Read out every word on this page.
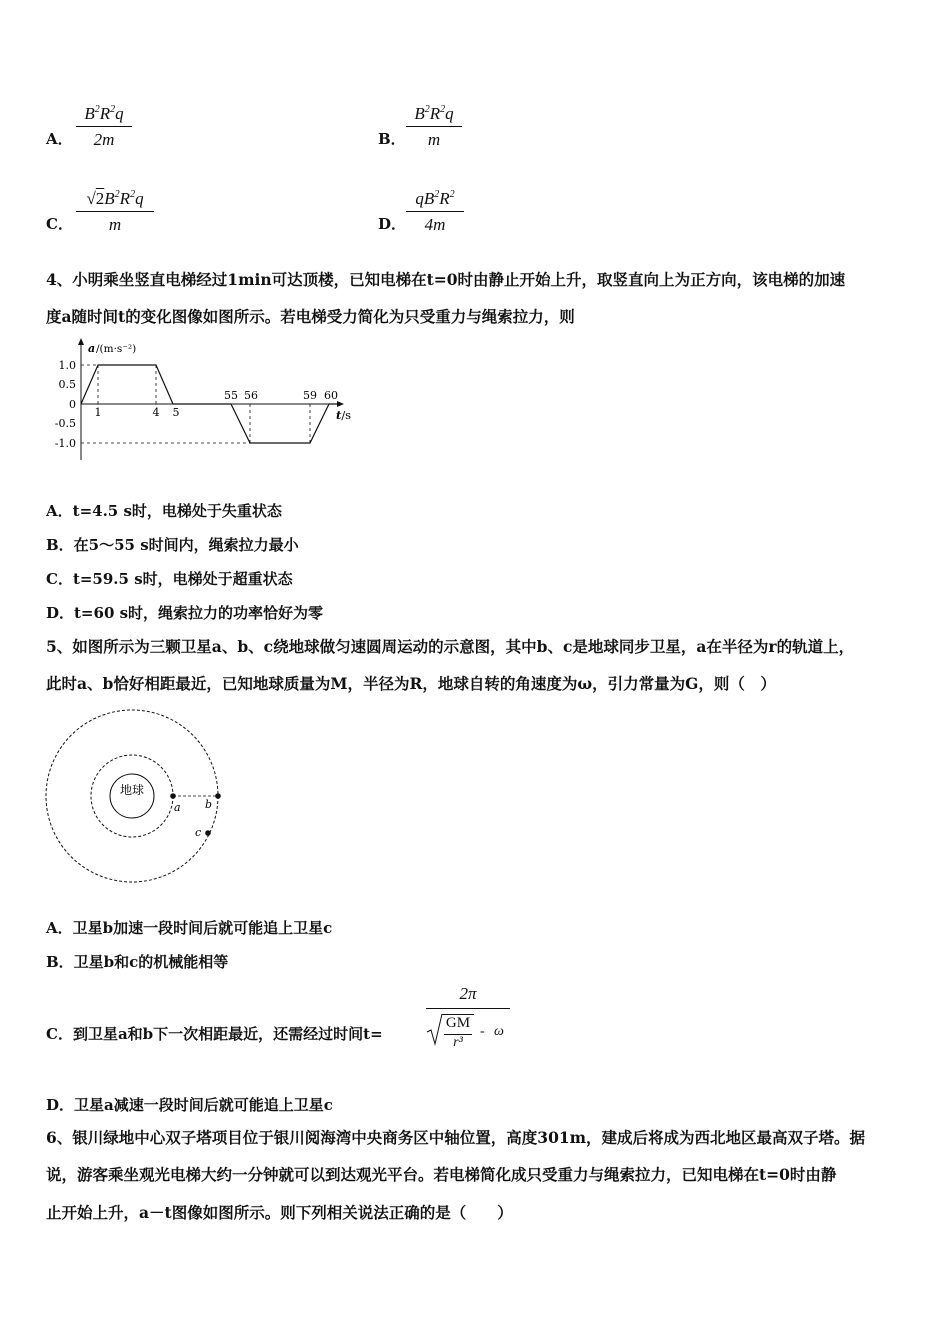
A． $\frac{B^2R^2q}{2m}$	B． $\frac{B^2R^2q}{m}$
C． $\frac{√2B^2R^2q}{m}$	D． $\frac{qB^2R^2}{4m}$
4、小明乘坐竖直电梯经过1min可达顶楼，已知电梯在t=0时由静止开始上升，取竖直向上为正方向，该电梯的加速
度a随时间t的变化图像如图所示。若电梯受力简化为只受重力与绳索拉力，则
a /(m·s⁻²)
1.0
0.5
0
-0.5
-1.0
1	4 5
55 56	59 60
t/s
A．t=4.5 s时，电梯处于失重状态
B．在5～55 s时间内，绳索拉力最小
C．t=59.5 s时，电梯处于超重状态
D．t=60 s时，绳索拉力的功率恰好为零
5、如图所示为三颗卫星a、b、c绕地球做匀速圆周运动的示意图，其中b、c是地球同步卫星，a在半径为r的轨道上，
此时a、b恰好相距最近，已知地球质量为M，半径为R，地球自转的角速度为ω，引力常量为G，则（　）
地球
a b
c
A．卫星b加速一段时间后就可能追上卫星c
B．卫星b和c的机械能相等
C．到卫星a和b下一次相距最近，还需经过时间t=
2π
GM
r³
- ω
D．卫星a减速一段时间后就可能追上卫星c
6、银川绿地中心双子塔项目位于银川阅海湾中央商务区中轴位置，高度301m，建成后将成为西北地区最高双子塔。据
说，游客乘坐观光电梯大约一分钟就可以到达观光平台。若电梯简化成只受重力与绳索拉力，已知电梯在t=0时由静
止开始上升，a－t图像如图所示。则下列相关说法正确的是（　　）
